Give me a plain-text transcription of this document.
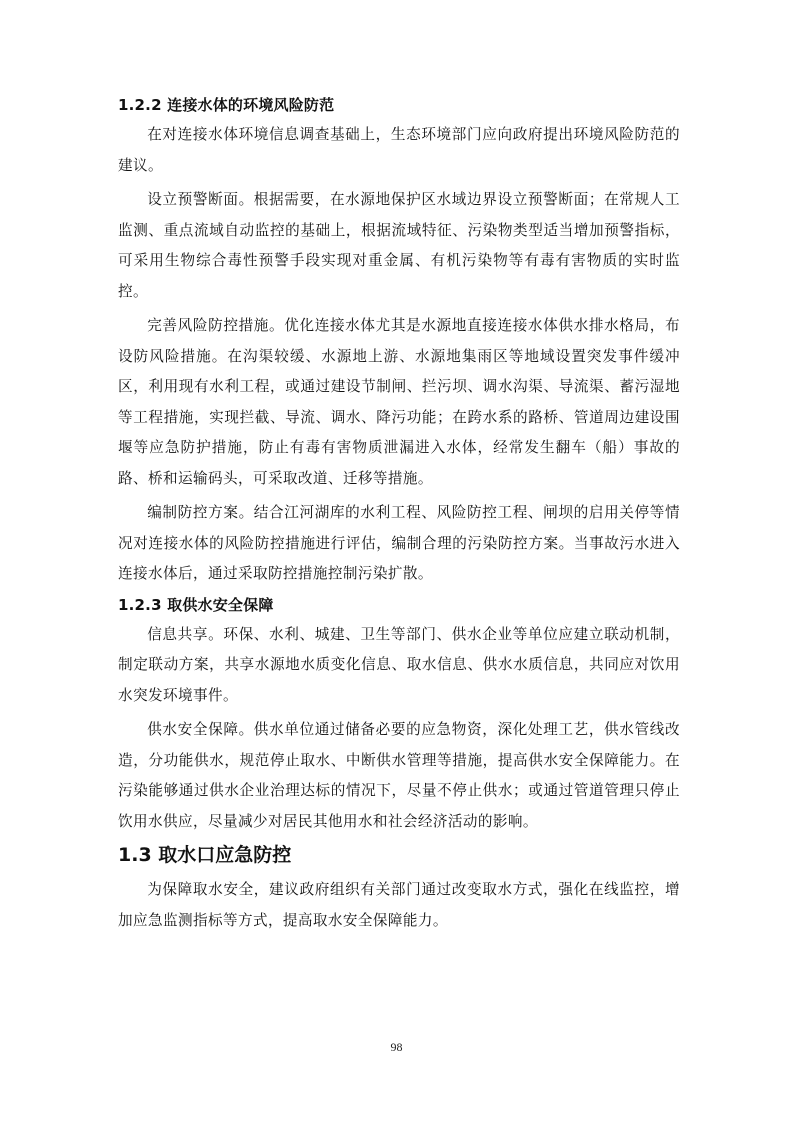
1.2.2 连接水体的环境风险防范

在对连接水体环境信息调查基础上，生态环境部门应向政府提出环境风险防范的建议。

设立预警断面。根据需要，在水源地保护区水域边界设立预警断面；在常规人工监测、重点流域自动监控的基础上，根据流域特征、污染物类型适当增加预警指标，可采用生物综合毒性预警手段实现对重金属、有机污染物等有毒有害物质的实时监控。

完善风险防控措施。优化连接水体尤其是水源地直接连接水体供水排水格局，布设防风险措施。在沟渠较缓、水源地上游、水源地集雨区等地域设置突发事件缓冲区，利用现有水利工程，或通过建设节制闸、拦污坝、调水沟渠、导流渠、蓄污湿地等工程措施，实现拦截、导流、调水、降污功能；在跨水系的路桥、管道周边建设围堰等应急防护措施，防止有毒有害物质泄漏进入水体，经常发生翻车（船）事故的路、桥和运输码头，可采取改道、迁移等措施。

编制防控方案。结合江河湖库的水利工程、风险防控工程、闸坝的启用关停等情况对连接水体的风险防控措施进行评估，编制合理的污染防控方案。当事故污水进入连接水体后，通过采取防控措施控制污染扩散。

1.2.3 取供水安全保障

信息共享。环保、水利、城建、卫生等部门、供水企业等单位应建立联动机制，制定联动方案，共享水源地水质变化信息、取水信息、供水水质信息，共同应对饮用水突发环境事件。

供水安全保障。供水单位通过储备必要的应急物资，深化处理工艺，供水管线改造，分功能供水，规范停止取水、中断供水管理等措施，提高供水安全保障能力。在污染能够通过供水企业治理达标的情况下，尽量不停止供水；或通过管道管理只停止饮用水供应，尽量减少对居民其他用水和社会经济活动的影响。

1.3 取水口应急防控

为保障取水安全，建议政府组织有关部门通过改变取水方式，强化在线监控，增加应急监测指标等方式，提高取水安全保障能力。

98
